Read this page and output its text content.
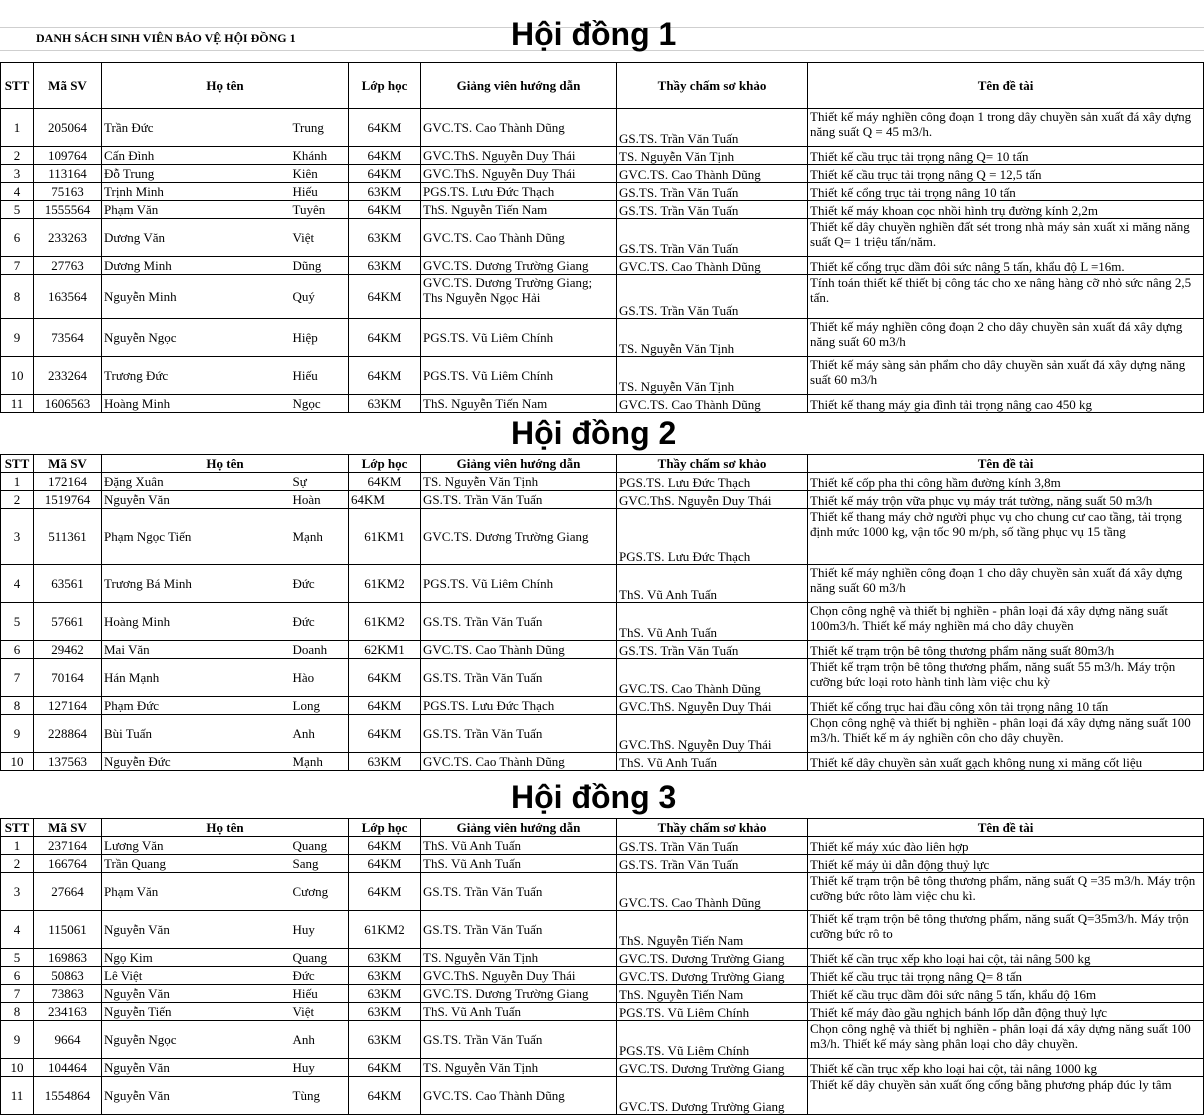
DANH SÁCH SINH VIÊN BẢO VỆ HỘI ĐỒNG 1	Hội đồng 1
STT	Mã SV	Họ tên		Lớp học	Giảng viên hướng dẫn	Thầy chấm sơ khảo	Tên đề tài
1	205064	Trần Đức	Trung	64KM	GVC.TS. Cao Thành Dũng	GS.TS. Trần Văn Tuấn	Thiết kế máy nghiền công đoạn 1 trong dây chuyền sản xuất đá xây dựng năng suất Q = 45 m3/h.
2	109764	Cấn Đình	Khánh	64KM	GVC.ThS. Nguyễn Duy Thái	TS. Nguyễn Văn Tịnh	Thiết kế cầu trục tải trọng nâng Q= 10 tấn
3	113164	Đỗ Trung	Kiên	64KM	GVC.ThS. Nguyễn Duy Thái	GVC.TS. Cao Thành Dũng	Thiết kế cầu trục tải trọng nâng Q = 12,5 tấn
4	75163	Trịnh Minh	Hiếu	63KM	PGS.TS. Lưu Đức Thạch	GS.TS. Trần Văn Tuấn	Thiết kế cổng trục tải trọng nâng 10 tấn
5	1555564	Phạm Văn	Tuyên	64KM	ThS. Nguyễn Tiến Nam	GS.TS. Trần Văn Tuấn	Thiết kế máy khoan cọc nhồi hình trụ đường kính 2,2m
6	233263	Dương Văn	Việt	63KM	GVC.TS. Cao Thành Dũng	GS.TS. Trần Văn Tuấn	Thiết kế dây chuyền nghiền đất sét trong nhà máy sản xuất xi măng năng suất Q= 1 triệu tấn/năm.
7	27763	Dương Minh	Dũng	63KM	GVC.TS. Dương Trường Giang	GVC.TS. Cao Thành Dũng	Thiết kế cổng trục dầm đôi sức nâng 5 tấn, khẩu độ L =16m.
8	163564	Nguyễn Minh	Quý	64KM	GVC.TS. Dương Trường Giang; Ths Nguyễn Ngọc Hải	GS.TS. Trần Văn Tuấn	Tính toán thiết kế thiết bị công tác cho xe nâng hàng cỡ nhỏ sức nâng 2,5 tấn.
9	73564	Nguyễn Ngọc	Hiệp	64KM	PGS.TS. Vũ Liêm Chính	TS. Nguyễn Văn Tịnh	Thiết kế máy nghiền công đoạn 2 cho dây chuyền sản xuất đá xây dựng năng suất 60 m3/h
10	233264	Trương Đức	Hiếu	64KM	PGS.TS. Vũ Liêm Chính	TS. Nguyễn Văn Tịnh	Thiết kế máy sàng sản phẩm cho dây chuyền sản xuất đá xây dựng năng suất 60 m3/h
11	1606563	Hoàng Minh	Ngọc	63KM	ThS. Nguyễn Tiến Nam	GVC.TS. Cao Thành Dũng	Thiết kế thang máy gia đình tải trọng nâng cao 450 kg
Hội đồng 2
STT	Mã SV	Họ tên		Lớp học	Giảng viên hướng dẫn	Thầy chấm sơ khảo	Tên đề tài
1	172164	Đặng Xuân	Sự	64KM	TS. Nguyễn Văn Tịnh	PGS.TS. Lưu Đức Thạch	Thiết kế cốp pha thi công hầm đường kính 3,8m
2	1519764	Nguyễn Văn	Hoàn	64KM	GS.TS. Trần Văn Tuấn	GVC.ThS. Nguyễn Duy Thái	Thiết kế máy trộn vữa phục vụ máy trát tường, năng suất 50 m3/h
3	511361	Phạm Ngọc Tiến	Mạnh	61KM1	GVC.TS. Dương Trường Giang	PGS.TS. Lưu Đức Thạch	Thiết kế thang máy chở người phục vụ cho chung cư cao tầng, tải trọng định mức 1000 kg, vận tốc 90 m/ph, số tầng phục vụ 15 tầng
4	63561	Trương Bá Minh	Đức	61KM2	PGS.TS. Vũ Liêm Chính	ThS. Vũ Anh Tuấn	Thiết kế máy nghiền công đoạn 1 cho dây chuyền sản xuất đá xây dựng năng suất 60 m3/h
5	57661	Hoàng Minh	Đức	61KM2	GS.TS. Trần Văn Tuấn	ThS. Vũ Anh Tuấn	Chọn công nghệ và thiết bị nghiền - phân loại đá xây dựng năng suất 100m3/h. Thiết kế máy nghiền má cho dây chuyền
6	29462	Mai Văn	Doanh	62KM1	GVC.TS. Cao Thành Dũng	GS.TS. Trần Văn Tuấn	Thiết kế trạm trộn bê tông thương phẩm năng suất 80m3/h
7	70164	Hán Mạnh	Hào	64KM	GS.TS. Trần Văn Tuấn	GVC.TS. Cao Thành Dũng	Thiết kế trạm trộn bê tông thương phẩm, năng suất 55 m3/h. Máy trộn cưỡng bức loại roto hành tinh làm việc chu kỳ
8	127164	Phạm Đức	Long	64KM	PGS.TS. Lưu Đức Thạch	GVC.ThS. Nguyễn Duy Thái	Thiết kế cổng trục hai đầu công xôn tải trọng nâng 10 tấn
9	228864	Bùi Tuấn	Anh	64KM	GS.TS. Trần Văn Tuấn	GVC.ThS. Nguyễn Duy Thái	Chọn công nghệ và thiết bị nghiền - phân loại đá xây dựng năng suất 100 m3/h. Thiết kế m áy nghiền côn cho dây chuyền.
10	137563	Nguyễn Đức	Mạnh	63KM	GVC.TS. Cao Thành Dũng	ThS. Vũ Anh Tuấn	Thiết kế dây chuyền sản xuất gạch không nung xi măng cốt liệu
Hội đồng 3
STT	Mã SV	Họ tên		Lớp học	Giảng viên hướng dẫn	Thầy chấm sơ khảo	Tên đề tài
1	237164	Lương Văn	Quang	64KM	ThS. Vũ Anh Tuấn	GS.TS. Trần Văn Tuấn	Thiết kế máy xúc đào liên hợp
2	166764	Trần Quang	Sang	64KM	ThS. Vũ Anh Tuấn	GS.TS. Trần Văn Tuấn	Thiết kế máy ủi dẫn động thuỷ lực
3	27664	Phạm Văn	Cương	64KM	GS.TS. Trần Văn Tuấn	GVC.TS. Cao Thành Dũng	Thiết kế trạm trộn bê tông thương phẩm, năng suất Q =35 m3/h. Máy trộn cưỡng bức rôto làm việc chu kì.
4	115061	Nguyễn Văn	Huy	61KM2	GS.TS. Trần Văn Tuấn	ThS. Nguyễn Tiến Nam	Thiết kế trạm trộn bê tông thương phẩm, năng suất Q=35m3/h. Máy trộn cưỡng bức rô to
5	169863	Ngọ Kim	Quang	63KM	TS. Nguyễn Văn Tịnh	GVC.TS. Dương Trường Giang	Thiết kế cần trục xếp kho loại hai cột, tải nâng 500 kg
6	50863	Lê Việt	Đức	63KM	GVC.ThS. Nguyễn Duy Thái	GVC.TS. Dương Trường Giang	Thiết kế cầu trục tải trọng nâng Q= 8 tấn
7	73863	Nguyễn Văn	Hiếu	63KM	GVC.TS. Dương Trường Giang	ThS. Nguyễn Tiến Nam	Thiết kế cầu trục dầm đôi sức nâng 5 tấn, khẩu độ 16m
8	234163	Nguyễn Tiến	Việt	63KM	ThS. Vũ Anh Tuấn	PGS.TS. Vũ Liêm Chính	Thiết kế máy đào gầu nghịch bánh lốp dẫn động thuỷ lực
9	9664	Nguyễn Ngọc	Anh	63KM	GS.TS. Trần Văn Tuấn	PGS.TS. Vũ Liêm Chính	Chọn công nghệ và thiết bị nghiền - phân loại đá xây dựng năng suất 100 m3/h. Thiết kế máy sàng phân loại cho dây chuyền.
10	104464	Nguyễn Văn	Huy	64KM	TS. Nguyễn Văn Tịnh	GVC.TS. Dương Trường Giang	Thiết kế cần trục xếp kho loại hai cột, tải nâng 1000 kg
11	1554864	Nguyễn Văn	Tùng	64KM	GVC.TS. Cao Thành Dũng	GVC.TS. Dương Trường Giang	Thiết kế dây chuyền sản xuất ống cống bằng phương pháp đúc ly tâm
